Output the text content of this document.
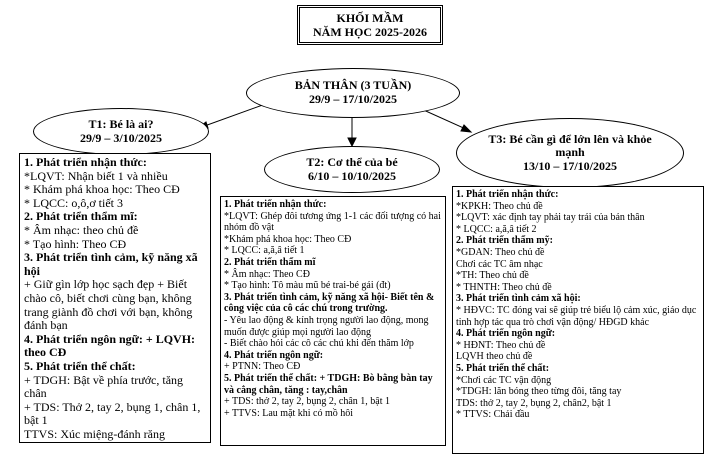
KHỐI MẦM
NĂM HỌC 2025-2026
BẢN THÂN (3 TUẦN)
29/9 – 17/10/2025
T1: Bé là ai?
29/9 – 3/10/2025
T2: Cơ thể của bé
6/10 – 10/10/2025
T3: Bé cần gì để lớn lên và khỏe mạnh
13/10 – 17/10/2025
1. Phát triển nhận thức:
*LQVT: Nhận biết 1 và nhiều
* Khám phá khoa học: Theo CĐ
* LQCC: o,ô,ơ tiết 3
2. Phát triển thẩm mĩ:
* Âm nhạc: theo chủ đề
* Tạo hình: Theo CĐ
3. Phát triển tình cảm, kỹ năng xã hội
+ Giữ gìn lớp học sạch đẹp + Biết chào cô, biết chơi cùng bạn, không trang giành đồ chơi với bạn, không đánh bạn
4. Phát triển ngôn ngữ: + LQVH: theo CĐ
5. Phát triển thể chất:
+ TDGH: Bật về phía trước, tăng chân
+ TDS: Thở 2, tay 2, bụng 1, chân 1, bật 1
TTVS: Xúc miệng-đánh răng
1. Phát triển nhận thức:
*LQVT: Ghép đôi tương ứng 1-1 các đối tượng có hai nhóm đồ vật
*Khám phá khoa học: Theo CĐ
* LQCC: a,ă,â tiết 1
2. Phát triển thẩm mĩ
* Âm nhạc: Theo CĐ
* Tạo hình: Tô màu mũ bé trai-bé gái (đt)
3. Phát triển tình cảm, kỹ năng xã hội- Biết tên & công việc của cô các chú trong trường.
- Yêu lao động & kính trọng người lao động, mong muốn được giúp mọi người lao động
- Biết chào hỏi các cô các chú khi đến thăm lớp
4. Phát triển ngôn ngữ:
+ PTNN: Theo CĐ
5. Phát triển thể chất: + TDGH: Bò bằng bàn tay và cẳng chân, tăng : tay,chân
+ TDS: thở 2, tay 2, bụng 2, chân 1, bật 1
+ TTVS: Lau mặt khi có mồ hôi
1. Phát triển nhận thức:
*KPKH: Theo chủ đề
*LQVT: xác định tay phải tay trái của bản thân
* LQCC: a,ă,â tiết 2
2. Phát triển thẩm mỹ:
*GDAN: Theo chủ đề
Chơi các TC âm nhạc
*TH: Theo chủ đề
* THNTH: Theo chủ đề
3. Phát triển tình cảm xã hội:
* HĐVC: TC đóng vai sẽ giúp trẻ biểu lộ cảm xúc, giáo dục tinh hợp tác qua trò chơi vận động/ HĐGD khác
4. Phát triển ngôn ngữ:
* HĐNT: Theo chủ đề
LQVH theo chủ đề
5. Phát triển thể chất:
*Chơi các TC vận động
*TDGH: lăn bóng theo từng đôi, tăng tay
TDS: thở 2, tay 2, bụng 2, chân2, bật 1
* TTVS: Chải đầu
